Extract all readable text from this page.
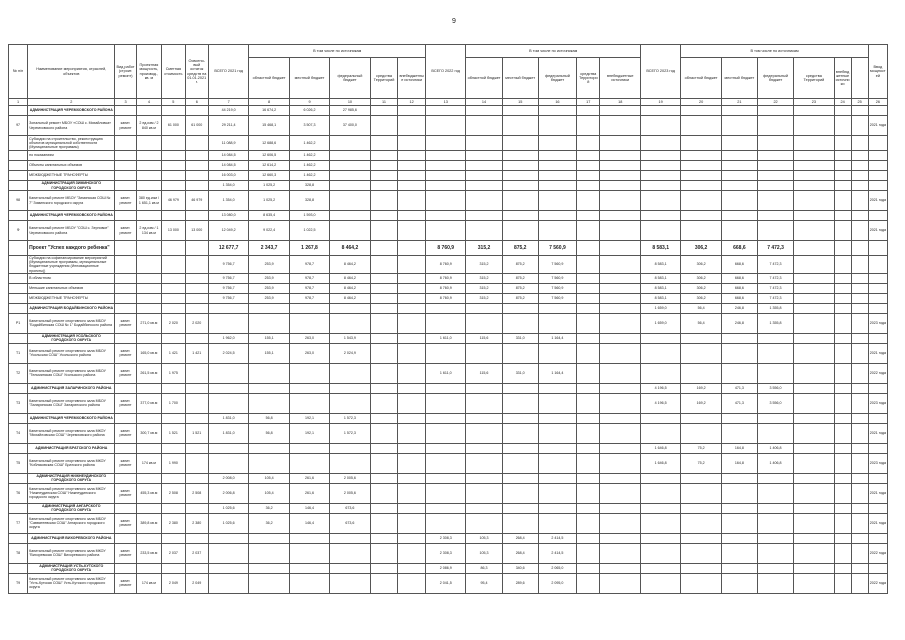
9
№ п/п	Наименование мероприятия, отраслей, объектов	Вид работ (строит. ремонт)	Проектная мощность, производ., кв. м	Сметная стоимость	Освоено-вый остаток средств на 01.01.2021 г.	ВСЕГО 2021 год	В том числе по источникам					ВСЕГО 2022 год	В том числе по источникам					ВСЕГО 2023 год	В том числе по источникам						Ввод мощностей
							областной бюджет	местный бюджет	федеральный бюджет	средства Территорий	внебюджетные источники		областной бюджет	местный бюджет	федеральный бюджет	средства Территорий	внебюджетные источники		областной бюджет	местный бюджет	федеральный бюджет	средства Территорий	внебюджетные источники		
1	2	3	4	5	6	7	8	9	10	11	12	13	14	15	16	17	18	19	20	21	22	23	24	25	26
	АДМИНИСТРАЦИЯ ЧЕРЕМХОВСКОГО РАЙОНА					44 219,0	16 674,2	6 026,2	27 985,6																
97	Зональный ремонт МБОУ «СОШ с. Михайловка» Черемховского района	капит. ремонт	2 ед.изм / 2 840 кв.м	61 000	61 000	29 211,4	15 468,1	3 507,3	37 400,0																2021 года
	Субсидии на строительство, реконструкцию объектов муниципальной собственности (Муниципальные программы)					11 088,9	12 688,6	1 462,2																	
	по показаниям					14 084,5	12 606,5	1 462,2																	
	Объекты капитальных объемов					14 084,5	12 614,2	1 462,2																	
	МЕЖБЮДЖЕТНЫЕ ТРАНСФЕРТЫ					16 003,0	12 660,3	1 462,2																	
	АДМИНИСТРАЦИЯ ЗИМИНСКОГО ГОРОДСКОГО ОКРУГА					1 354,0	1 025,2	328,8																	
98	Капитальный ремонт МБОУ "Зиминская СОШ № 7" Зиминского городского округа	капит. ремонт	380 ед.изм / 1 651,1 кв.м	46 979	46 979	1 354,0	1 025,2	328,8																	2021 года
	АДМИНИСТРАЦИЯ ЧЕРЕМХОВСКОГО РАЙОНА					13 080,0	8 635,4	1 593,0																	
Ф	Капитальный ремонт МБОУ "СОШ с. Зерновое" Черемховского района	капит. ремонт	2 ед.изм / 1 134 кв.м	13 000	13 000	12 049,2	9 022,4	1 022,5																	2021 года
	Проект "Успех каждого ребенка"					12 677,7	2 343,7	1 267,8	8 464,2			8 760,9	315,2	875,2	7 560,9			8 583,1	306,2	668,6	7 472,3				
	Субсидии на софинансирование мероприятий (Муниципальные программы, муниципальные бюджетные учреждения (Инновационные проекты))					9 756,7	253,9	978,7	8 464,2			8 760,9	315,2	875,2	7 560,9			8 583,1	306,2	668,6	7 472,3				
	В областном:					9 756,7	253,9	978,7	8 464,2			8 760,9	315,2	875,2	7 560,9			8 583,1	306,2	668,6	7 472,3				
	Меньшие капитальных объемов					9 756,7	253,9	978,7	8 464,2			8 760,9	315,2	875,2	7 560,9			8 583,1	306,2	668,6	7 472,3				
	МЕЖБЮДЖЕТНЫЕ ТРАНСФЕРТЫ					9 756,7	253,9	978,7	8 464,2			8 760,9	315,2	875,2	7 560,9			8 583,1	306,2	668,6	7 472,3				
	АДМИНИСТРАЦИЯ БОДАЙБИНСКОГО РАЙОНА																	1 659,0	56,4	246,8	1 355,8				
Р1	Капитальный ремонт спортивного зала МБОУ "Бодайбинская СОШ № 1" Бодайбинского района	капит. ремонт	271,0 кв.м	2 020	2 020													1 659,0	56,4	246,8	1 355,8				2023 года
	АДМИНИСТРАЦИЯ УСОЛЬСКОГО ГОРОДСКОГО ОКРУГА					1 962,0	155,1	263,0	1 543,9			1 611,0	115,6	331,0	1 164,4										
Т1	Капитальный ремонт спортивного зала МБОУ "Усольская СОШ" Усольского района	капит. ремонт	165,0 кв.м	1 421	1 421	2 024,5	155,1	263,0	2 024,9																2021 года
Т2	Капитальный ремонт спортивного зала МБОУ "Тельминская СОШ" Усольского района	капит. ремонт	261,5 кв.м	1 975								1 611,0	115,6	331,0	1 164,4										2022 года
	АДМИНИСТРАЦИЯ ЗАЛАРИНСКОГО РАЙОНА																	4 196,5	169,2	471,3	3 556,0				
Т3	Капитальный ремонт спортивного зала МБОУ "Заларинская СОШ" Заларинского района	капит. ремонт	377,0 кв.м	1 700														4 196,5	169,2	471,3	3 556,0				2023 года
	АДМИНИСТРАЦИЯ ЧЕРЕМХОВСКОГО РАЙОНА					1 831,0	56,8	192,1	1 572,3																
Т4	Капитальный ремонт спортивного зала МКОУ "Михайловская СОШ" Черемховского района	капит. ремонт	300,7 кв.м	1 521	1 521	1 831,0	56,8	192,1	1 572,3																2021 года
	АДМИНИСТРАЦИЯ БРАТСКОГО РАЙОНА																	1 646,8	75,2	164,8	1 406,8				
Т5	Капитальный ремонт спортивного зала МКОУ "Кобляковская СОШ" Братского района	капит. ремонт	174 кв.м	1 990														1 646,8	75,2	164,8	1 406,8				2023 года
	АДМИНИСТРАЦИЯ НИЖНЕУДИНСКОГО ГОРОДСКОГО ОКРУГА					2 008,0	105,4	261,6	2 005,6																
Т6	Капитальный ремонт спортивного зала МКОУ "Нижнеудинская СОШ" Нижнеудинского городского округа	капит. ремонт	455,3 кв.м	2 508	2 508	2 006,8	105,4	261,6	2 005,6																2021 года
	АДМИНИСТРАЦИЯ АНГАРСКОГО ГОРОДСКОГО ОКРУГА					1 025,6	36,2	146,4	673,6																
Т7	Капитальный ремонт спортивного зала МБОУ "Савватеевская СОШ" Ангарского городского округа	капит. ремонт	389,8 кв.м	2 380	2 380	1 025,6	36,2	146,4	673,6																2021 года
	АДМИНИСТРАЦИЯ ВИХОРЕВСКОГО РАЙОНА											2 308,3	105,3	268,4	2 414,5										
Т8	Капитальный ремонт спортивного зала МКОУ "Вихоревская СОШ" Вихоревского района	капит. ремонт	233,5 кв.м	2 037	2 037							2 308,3	105,3	268,4	2 414,5										2022 года
	АДМИНИСТРАЦИЯ УСТЬ-КУТСКОГО ГОРОДСКОГО ОКРУГА											2 086,9	86,3	340,6	2 065,0										
Т9	Капитальный ремонт спортивного зала МКОУ "Усть-Кутская СОШ" Усть-Кутского городского округа	капит. ремонт	174 кв.м	2 049	2 049							2 041,5	95,4	289,6	2 095,0										2022 года
